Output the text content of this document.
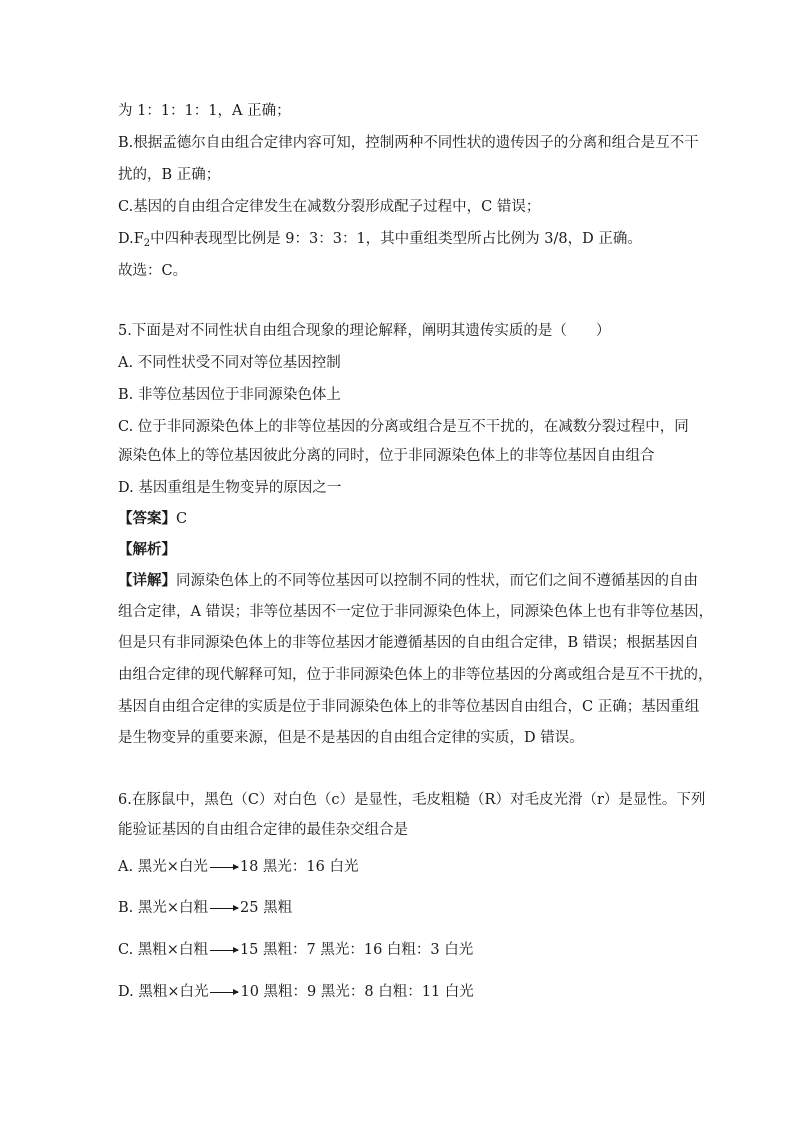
为 1：1：1：1，A 正确；
B.根据孟德尔自由组合定律内容可知，控制两种不同性状的遗传因子的分离和组合是互不干
扰的，B 正确；
C.基因的自由组合定律发生在减数分裂形成配子过程中，C 错误；
$D.F_2$中四种表现型比例是 9：3：3：1，其中重组类型所占比例为 3/8，D 正确。
故选：C。
5.下面是对不同性状自由组合现象的理论解释，阐明其遗传实质的是（　　）
A. 不同性状受不同对等位基因控制
B. 非等位基因位于非同源染色体上
C. 位于非同源染色体上的非等位基因的分离或组合是互不干扰的，在减数分裂过程中，同
源染色体上的等位基因彼此分离的同时，位于非同源染色体上的非等位基因自由组合
D. 基因重组是生物变异的原因之一
【答案】C
【解析】
【详解】同源染色体上的不同等位基因可以控制不同的性状，而它们之间不遵循基因的自由
组合定律，A 错误；非等位基因不一定位于非同源染色体上，同源染色体上也有非等位基因，
但是只有非同源染色体上的非等位基因才能遵循基因的自由组合定律，B 错误；根据基因自
由组合定律的现代解释可知，位于非同源染色体上的非等位基因的分离或组合是互不干扰的，
基因自由组合定律的实质是位于非同源染色体上的非等位基因自由组合，C 正确；基因重组
是生物变异的重要来源，但是不是基因的自由组合定律的实质，D 错误。
6.在豚鼠中，黑色（C）对白色（c）是显性，毛皮粗糙（R）对毛皮光滑（r）是显性。下列
能验证基因的自由组合定律的最佳杂交组合是
A. 黑光×白光 18 黑光：16 白光
B. 黑光×白粗 25 黑粗
C. 黑粗×白粗 15 黑粗：7 黑光：16 白粗：3 白光
D. 黑粗×白光 10 黑粗：9 黑光：8 白粗：11 白光
